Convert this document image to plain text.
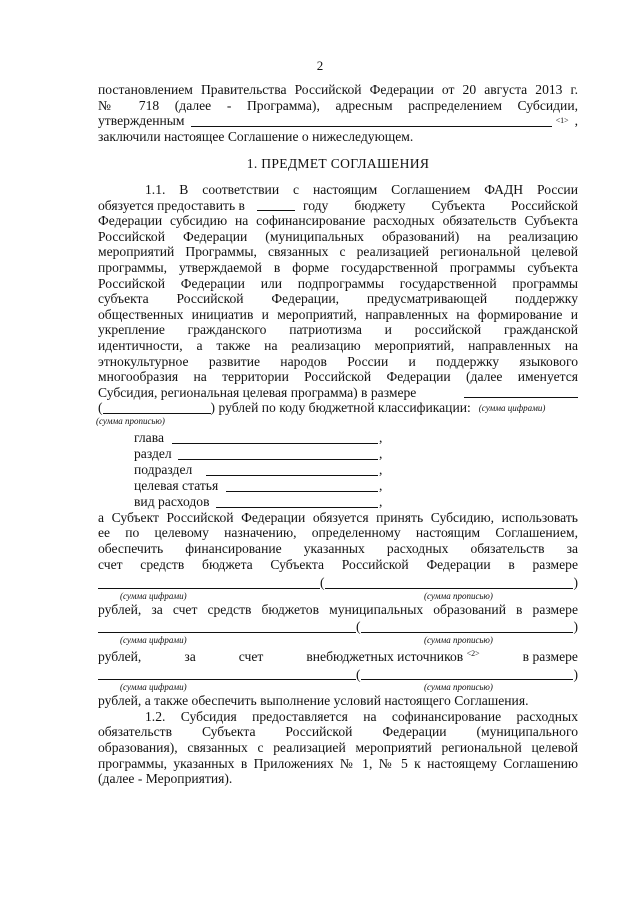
2
постановлением Правительства Российской Федерации от 20 августа 2013 г.
№ 718 (далее - Программа), адресным распределением Субсидии,
утвержденным	<1> ,
заключили настоящее Соглашение о нижеследующем.
1. ПРЕДМЕТ СОГЛАШЕНИЯ
1.1. В соответствии с настоящим Соглашением ФАДН России
обязуется предоставить в	году бюджету Субъекта Российской
Федерации субсидию на софинансирование расходных обязательств Субъекта
Российской Федерации (муниципальных образований) на реализацию
мероприятий Программы, связанных с реализацией региональной целевой
программы, утверждаемой в форме государственной программы субъекта
Российской Федерации или подпрограммы государственной программы
субъекта Российской Федерации, предусматривающей поддержку
общественных инициатив и мероприятий, направленных на формирование и
укрепление гражданского патриотизма и российской гражданской
идентичности, а также на реализацию мероприятий, направленных на
этнокультурное развитие народов России и поддержку языкового
многообразия на территории Российской Федерации (далее именуется
Субсидия, региональная целевая программа) в размере
(	) рублей по коду бюджетной классификации: (сумма цифрами)
(сумма прописью)
глава	,
раздел	,
подраздел	,
целевая статья	,
вид расходов	,
а Субъект Российской Федерации обязуется принять Субсидию, использовать
ее по целевому назначению, определенному настоящим Соглашением,
обеспечить финансирование указанных расходных обязательств за
счет средств бюджета Субъекта Российской Федерации в размере
(	)
(сумма цифрами)	(сумма прописью)
рублей, за счет средств бюджетов муниципальных образований в размере
(	)
(сумма цифрами)	(сумма прописью)
рублей,	за	счет	внебюджетных источников $^{<2>}$	в размере
(	)
(сумма цифрами)	(сумма прописью)
рублей, а также обеспечить выполнение условий настоящего Соглашения.
1.2. Субсидия предоставляется на софинансирование расходных
обязательств Субъекта Российской Федерации (муниципального
образования), связанных с реализацией мероприятий региональной целевой
программы, указанных в Приложениях № 1, № 5 к настоящему Соглашению
(далее - Мероприятия).
